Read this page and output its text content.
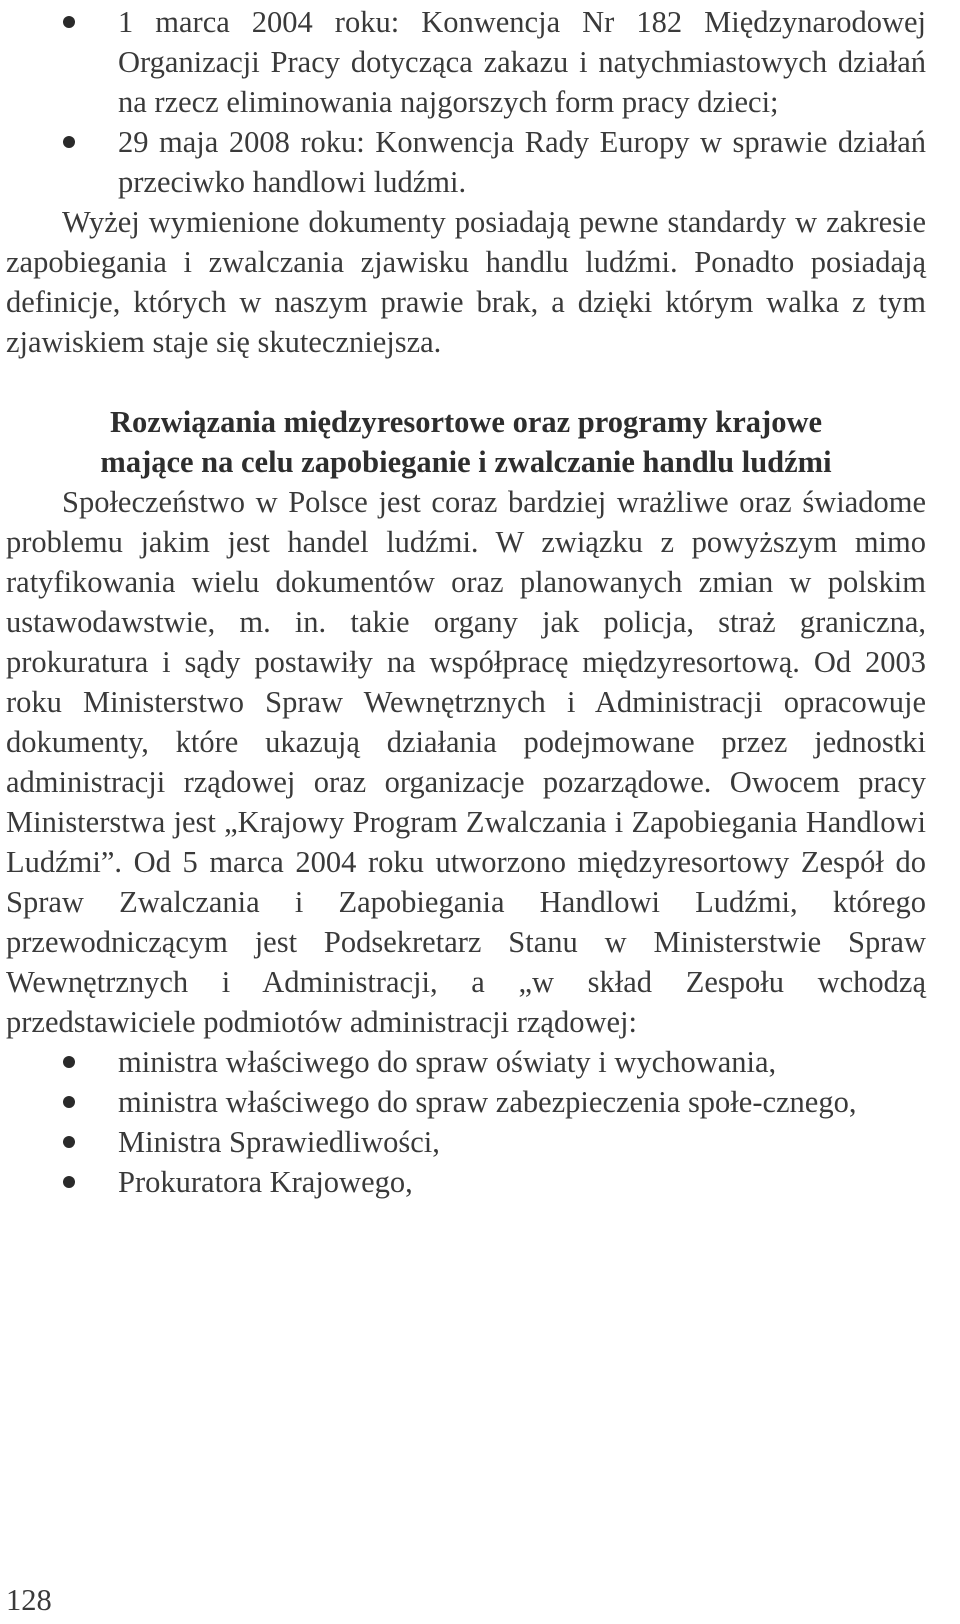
1 marca 2004 roku: Konwencja Nr 182 Międzynarodowej Organizacji Pracy dotycząca zakazu i natychmiastowych działań na rzecz eliminowania najgorszych form pracy dzieci;
29 maja 2008 roku: Konwencja Rady Europy w sprawie działań przeciwko handlowi ludźmi.

Wyżej wymienione dokumenty posiadają pewne standardy w zakresie zapobiegania i zwalczania zjawisku handlu ludźmi. Ponadto posiadają definicje, których w naszym prawie brak, a dzięki którym walka z tym zjawiskiem staje się skuteczniejsza.

Rozwiązania międzyresortowe oraz programy krajowe
mające na celu zapobieganie i zwalczanie handlu ludźmi

Społeczeństwo w Polsce jest coraz bardziej wrażliwe oraz świadome problemu jakim jest handel ludźmi. W związku z powyższym mimo ratyfikowania wielu dokumentów oraz planowanych zmian w polskim ustawodawstwie, m. in. takie organy jak policja, straż graniczna, prokuratura i sądy postawiły na współpracę międzyresortową. Od 2003 roku Ministerstwo Spraw Wewnętrznych i Administracji opracowuje dokumenty, które ukazują działania podejmowane przez jednostki administracji rządowej oraz organizacje pozarządowe. Owocem pracy Ministerstwa jest „Krajowy Program Zwalczania i Zapobiegania Handlowi Ludźmi”. Od 5 marca 2004 roku utworzono międzyresortowy Zespół do Spraw Zwalczania i Zapobiegania Handlowi Ludźmi, którego przewodniczącym jest Podsekretarz Stanu w Ministerstwie Spraw Wewnętrznych i Administracji, a „w skład Zespołu wchodzą przedstawiciele podmiotów administracji rządowej:

ministra właściwego do spraw oświaty i wychowania,
ministra właściwego do spraw zabezpieczenia społe-cznego,
Ministra Sprawiedliwości,
Prokuratora Krajowego,
128
